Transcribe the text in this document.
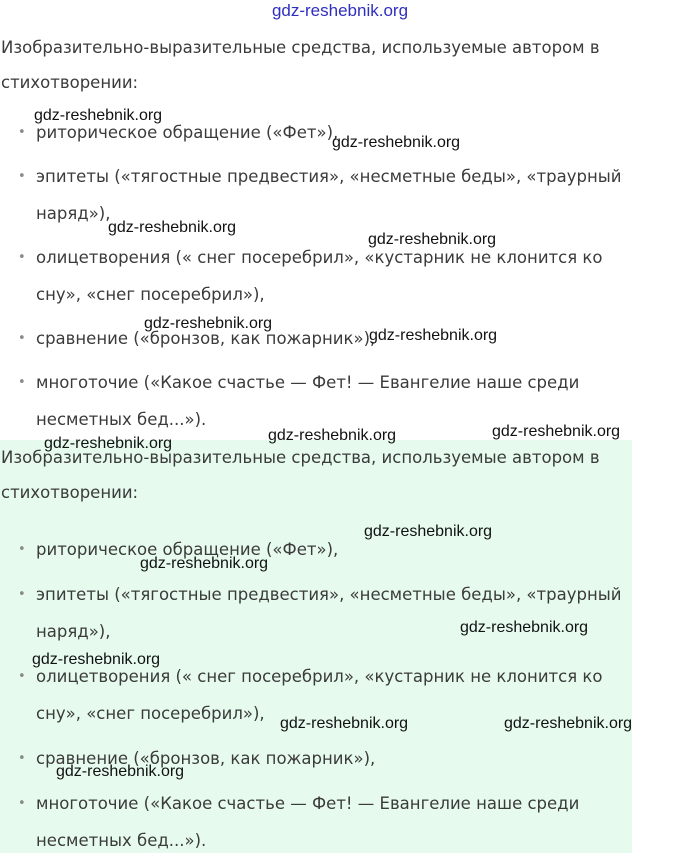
gdz-reshebnik.org

Изобразительно-выразительные средства, используемые автором в стихотворении:

• риторическое обращение («Фет»),
• эпитеты («тягостные предвестия», «несметные беды», «траурный наряд»),
• олицетворения (« снег посеребрил», «кустарник не клонится ко сну», «снег посеребрил»),
• сравнение («бронзов, как пожарник»),
• многоточие («Какое счастье — Фет! — Евангелие наше среди несметных бед...»).

Изобразительно-выразительные средства, используемые автором в стихотворении:

• риторическое обращение («Фет»),
• эпитеты («тягостные предвестия», «несметные беды», «траурный наряд»),
• олицетворения (« снег посеребрил», «кустарник не клонится ко сну», «снег посеребрил»),
• сравнение («бронзов, как пожарник»),
• многоточие («Какое счастье — Фет! — Евангелие наше среди несметных бед...»).
gdz-reshebnik.org
gdz-reshebnik.org
gdz-reshebnik.org
gdz-reshebnik.org
gdz-reshebnik.org
gdz-reshebnik.org
gdz-reshebnik.org	gdz-reshebnik.org	gdz-reshebnik.org
gdz-reshebnik.org
gdz-reshebnik.org
gdz-reshebnik.org
gdz-reshebnik.org
gdz-reshebnik.org	gdz-reshebnik.org
gdz-reshebnik.org
